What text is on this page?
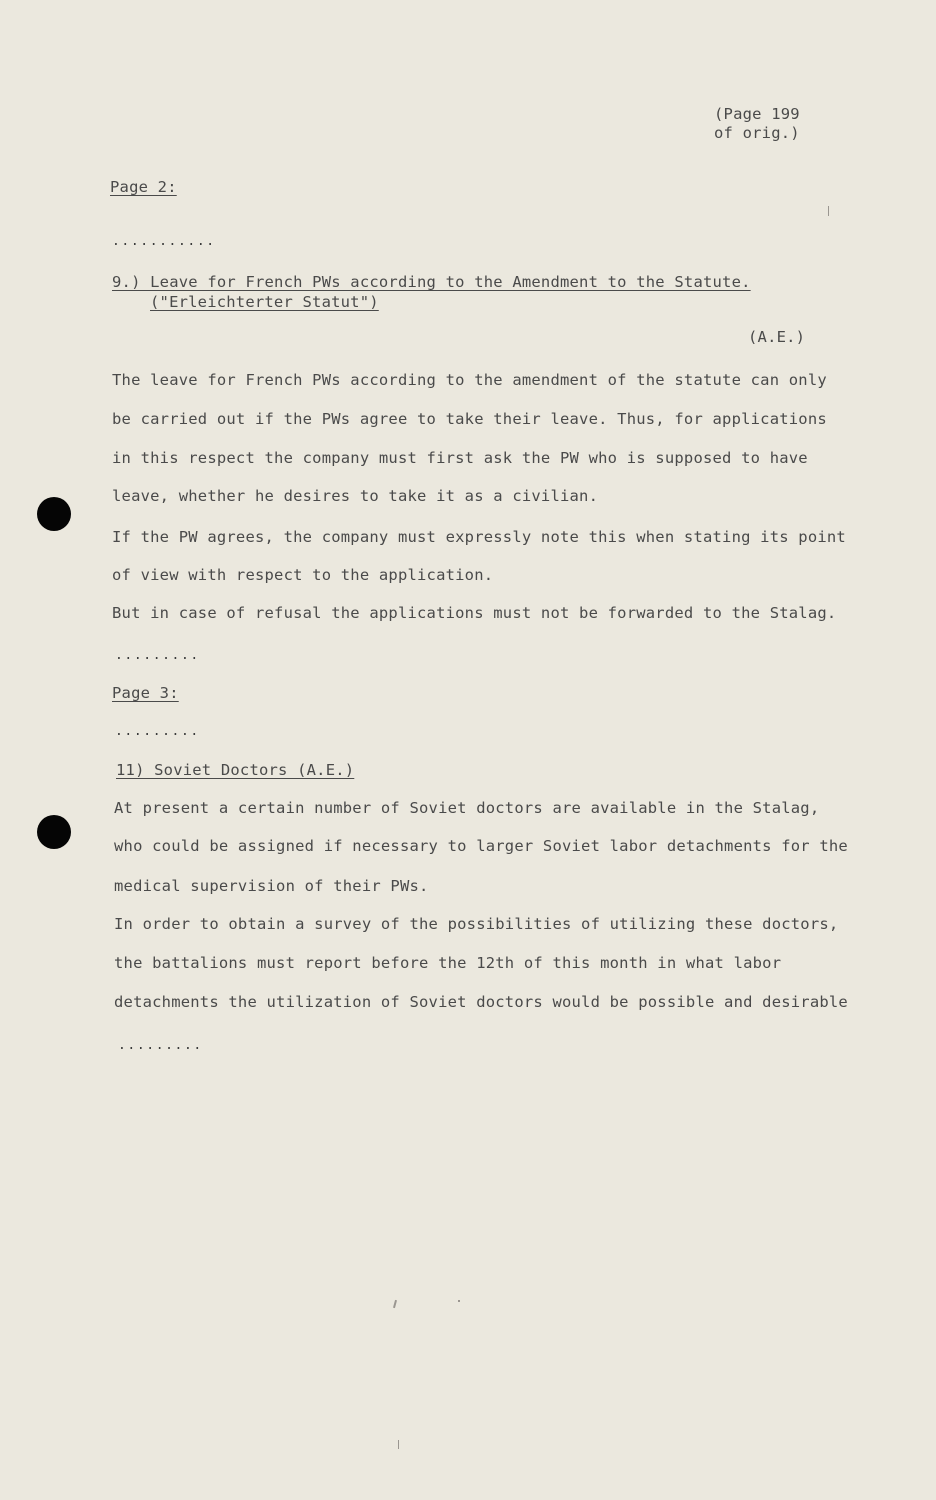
(Page 199
of orig.)
Page 2:
...........
9.) Leave for French PWs according to the Amendment to the Statute.
("Erleichterter Statut")
(A.E.)
The leave for French PWs according to the amendment of the statute can only
be carried out if the PWs agree to take their leave. Thus, for applications
in this respect the company must first ask the PW who is supposed to have
leave, whether he desires to take it as a civilian.
If the PW agrees, the company must expressly note this when stating its point
of view with respect to the application.
But in case of refusal the applications must not be forwarded to the Stalag.
.........
Page 3:
.........
11) Soviet Doctors (A.E.)
At present a certain number of Soviet doctors are available in the Stalag,
who could be assigned if necessary to larger Soviet labor detachments for the
medical supervision of their PWs.
In order to obtain a survey of the possibilities of utilizing these doctors,
the battalions must report before the 12th of this month in what labor
detachments the utilization of Soviet doctors would be possible and desirable
.........
